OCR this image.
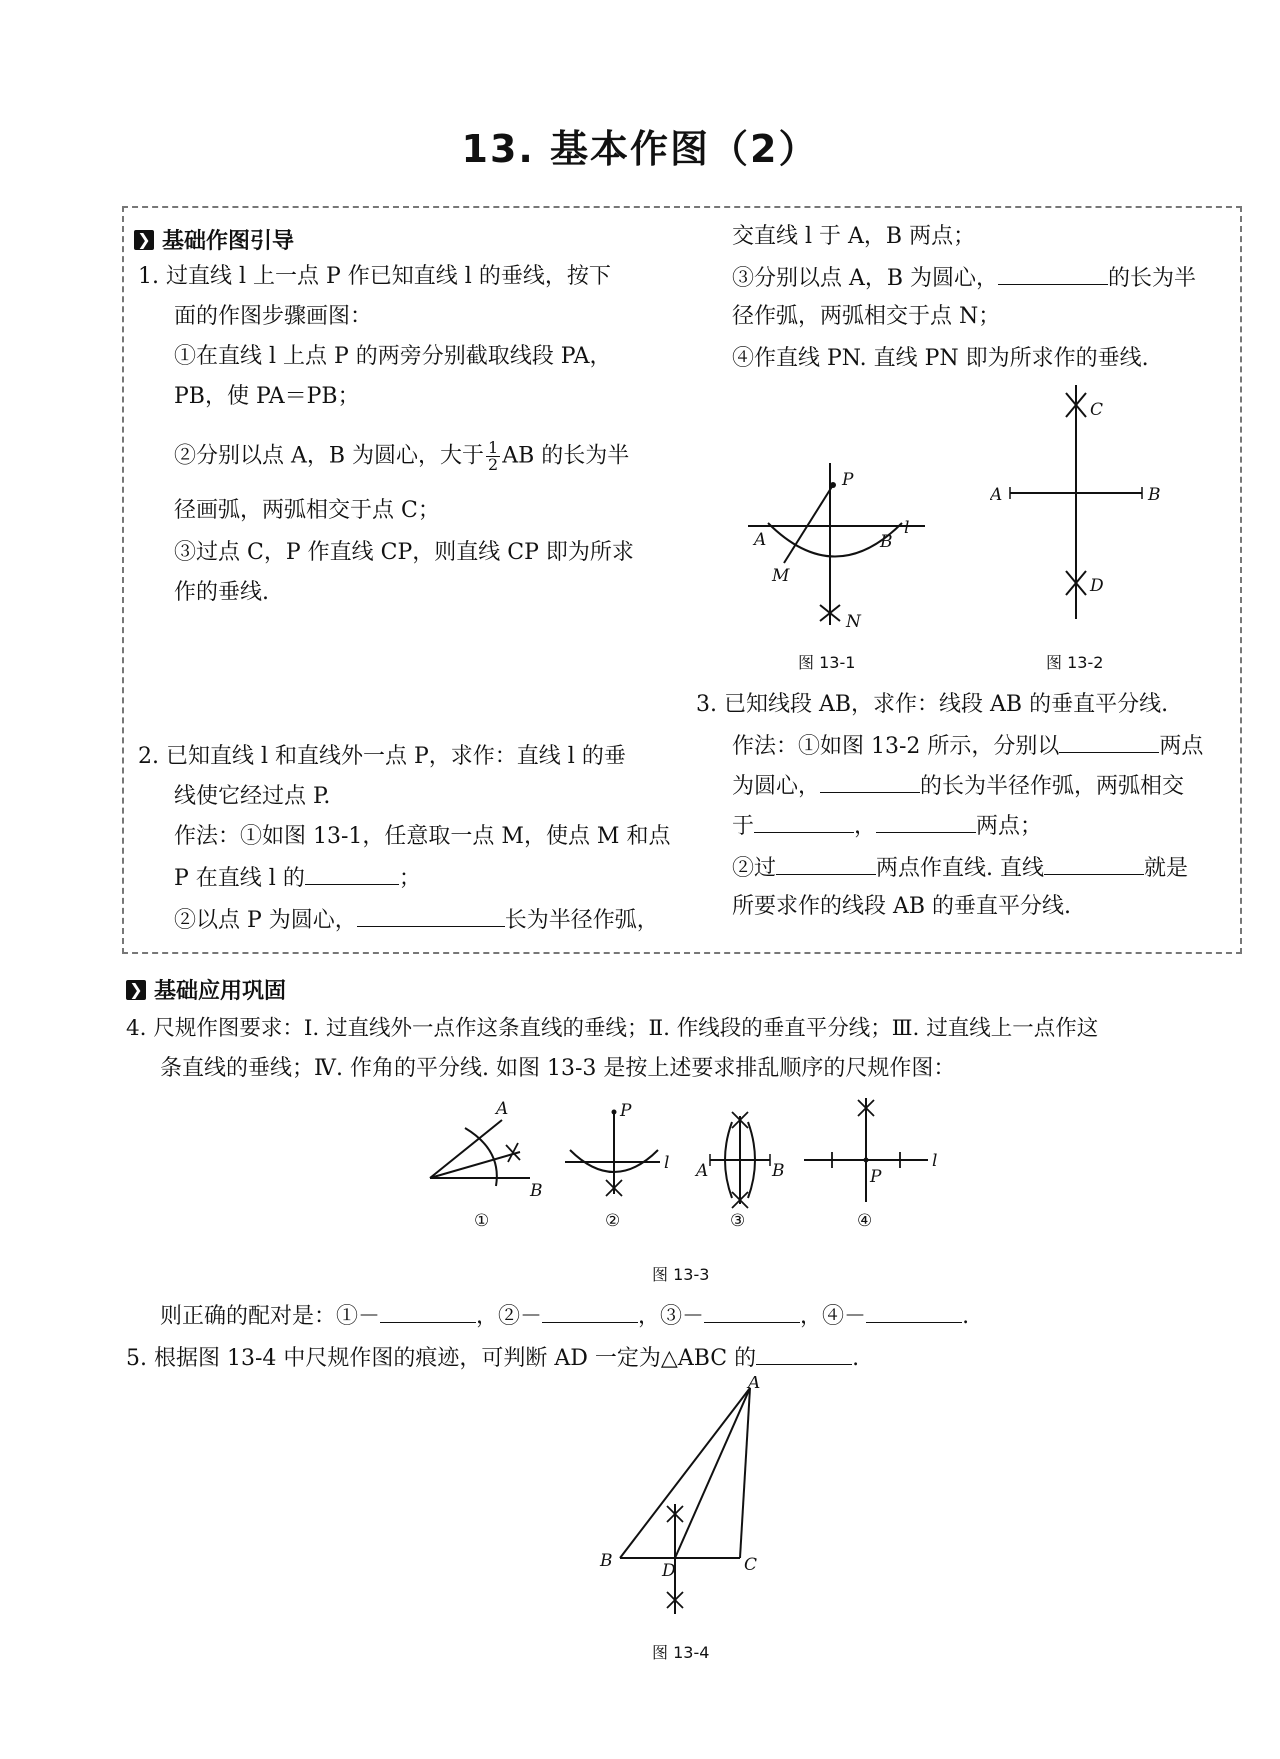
13. 基本作图（2）
❯ 基础作图引导
1. 过直线 l 上一点 P 作已知直线 l 的垂线，按下
面的作图步骤画图：
①在直线 l 上点 P 的两旁分别截取线段 PA，
PB，使 PA＝PB；
②分别以点 A，B 为圆心，大于 $\frac{1}{2}$ AB 的长为半
径画弧，两弧相交于点 C；
③过点 C，P 作直线 CP，则直线 CP 即为所求
作的垂线.
2. 已知直线 l 和直线外一点 P，求作：直线 l 的垂
线使它经过点 P.
作法：①如图 13-1，任意取一点 M，使点 M 和点
P 在直线 l 的	；
②以点 P 为圆心，	长为半径作弧，
交直线 l 于 A，B 两点；
③分别以点 A，B 为圆心，	的长为半
径作弧，两弧相交于点 N；
④作直线 PN. 直线 PN 即为所求作的垂线.
P
A	B
M
N
l
图 13-1
C
A	B
D
图 13-2
3. 已知线段 AB，求作：线段 AB 的垂直平分线.
作法：①如图 13-2 所示，分别以	两点
为圆心，	的长为半径作弧，两弧相交
于	，	两点；
②过	两点作直线. 直线	就是
所要求作的线段 AB 的垂直平分线.
❯ 基础应用巩固
4. 尺规作图要求：Ⅰ. 过直线外一点作这条直线的垂线；Ⅱ. 作线段的垂直平分线；Ⅲ. 过直线上一点作这
条直线的垂线；Ⅳ. 作角的平分线. 如图 13-3 是按上述要求排乱顺序的尺规作图：
A
B
①
P
l
②
A	B
③
P
l
④
图 13-3
则正确的配对是：①－	，②－	，③－	，④－	.
5. 根据图 13-4 中尺规作图的痕迹，可判断 AD 一定为△ABC 的	.
A
B	C
D
图 13-4
